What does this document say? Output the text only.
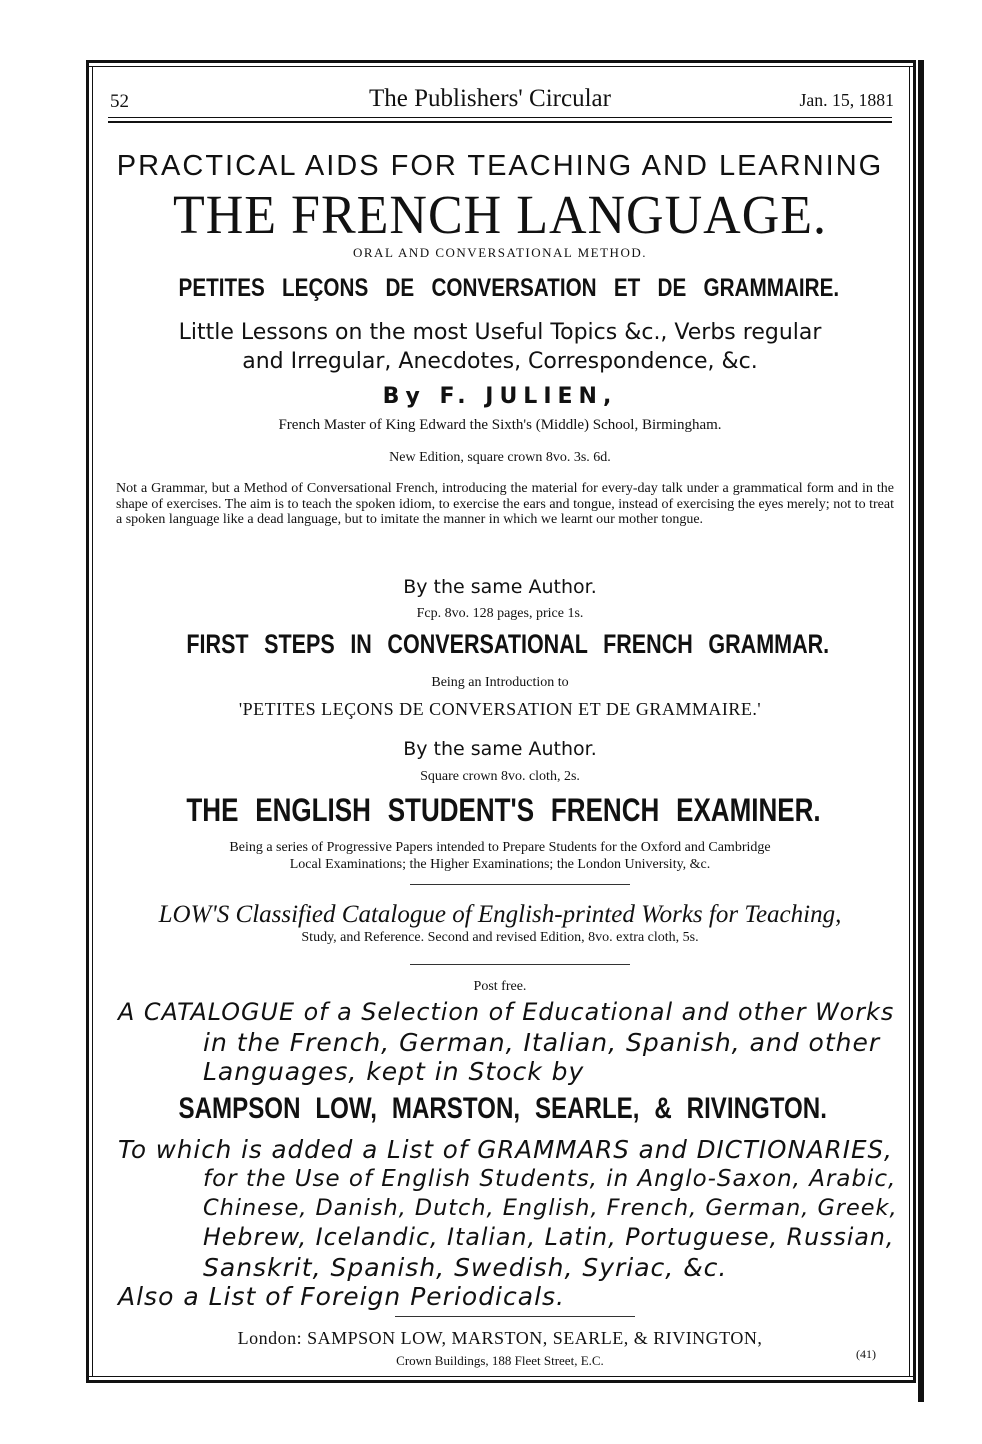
52	The Publishers' Circular	Jan. 15, 1881
PRACTICAL AIDS FOR TEACHING AND LEARNING
THE FRENCH LANGUAGE.
ORAL AND CONVERSATIONAL METHOD.
PETITES LEÇONS DE CONVERSATION ET DE GRAMMAIRE.
Little Lessons on the most Useful Topics &c., Verbs regular
and Irregular, Anecdotes, Correspondence, &c.
By F. JULIEN,
French Master of King Edward the Sixth's (Middle) School, Birmingham.
New Edition, square crown 8vo. 3s. 6d.
Not a Grammar, but a Method of Conversational French, introducing the material for every-day talk under a grammatical form and in the shape of exercises. The aim is to teach the spoken idiom, to exercise the ears and tongue, instead of exercising the eyes merely; not to treat a spoken language like a dead language, but to imitate the manner in which we learnt our mother tongue.
By the same Author.
Fcp. 8vo. 128 pages, price 1s.
FIRST STEPS IN CONVERSATIONAL FRENCH GRAMMAR.
Being an Introduction to
'PETITES LEÇONS DE CONVERSATION ET DE GRAMMAIRE.'
By the same Author.
Square crown 8vo. cloth, 2s.
THE ENGLISH STUDENT'S FRENCH EXAMINER.
Being a series of Progressive Papers intended to Prepare Students for the Oxford and Cambridge
Local Examinations; the Higher Examinations; the London University, &c.
LOW'S Classified Catalogue of English-printed Works for Teaching,
Study, and Reference. Second and revised Edition, 8vo. extra cloth, 5s.
Post free.
A CATALOGUE of a Selection of Educational and other Works
in the French, German, Italian, Spanish, and other
Languages, kept in Stock by
SAMPSON LOW, MARSTON, SEARLE, & RIVINGTON.
To which is added a List of GRAMMARS and DICTIONARIES,
for the Use of English Students, in Anglo-Saxon, Arabic,
Chinese, Danish, Dutch, English, French, German, Greek,
Hebrew, Icelandic, Italian, Latin, Portuguese, Russian,
Sanskrit, Spanish, Swedish, Syriac, &c.
Also a List of Foreign Periodicals.
London: SAMPSON LOW, MARSTON, SEARLE, & RIVINGTON,
Crown Buildings, 188 Fleet Street, E.C.	(41)
